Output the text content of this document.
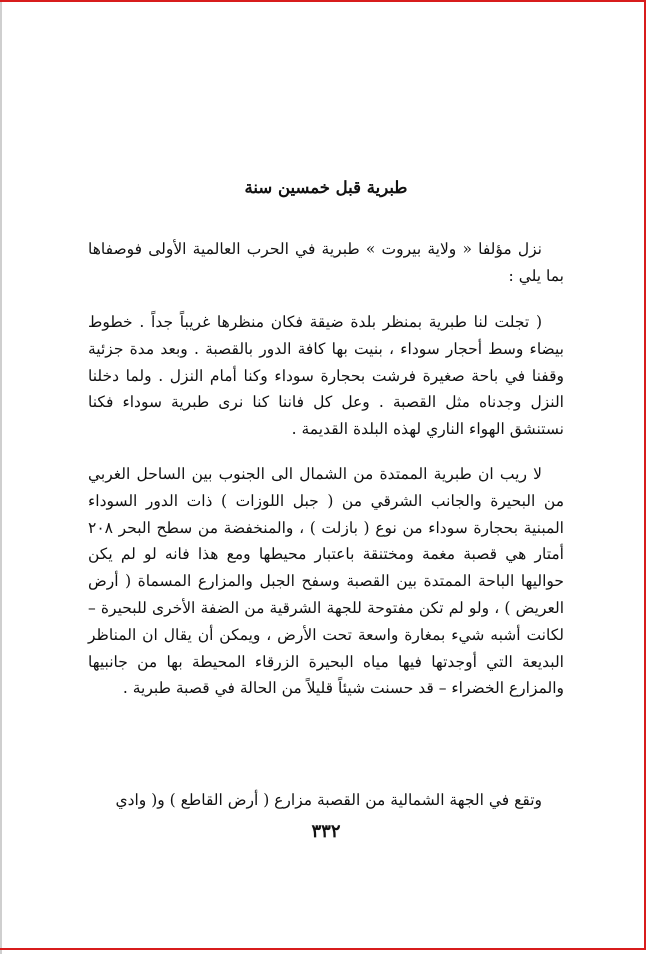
طبرية قبل خمسين سنة

نزل مؤلفا « ولاية بيروت » طبرية في الحرب العالمية الأولى فوصفاها بما يلي :

( تجلت لنا طبرية بمنظر بلدة ضيقة فكان منظرها غريباً جداً . خطوط بيضاء وسط أحجار سوداء ، بنيت بها كافة الدور بالقصبة . وبعد مدة جزئية وقفنا في باحة صغيرة فرشت بحجارة سوداء وكنا أمام النزل . ولما دخلنا النزل وجدناه مثل القصبة . وعل كل فاننا كنا نرى طبرية سوداء فكنا نستنشق الهواء الناري لهذه البلدة القديمة .

لا ريب ان طبرية الممتدة من الشمال الى الجنوب بين الساحل الغربي من البحيرة والجانب الشرقي من ( جبل اللوزات ) ذات الدور السوداء المبنية بحجارة سوداء من نوع ( بازلت ) ، والمنخفضة من سطح البحر ٢٠٨ أمتار هي قصبة مغمة ومختنقة باعتبار محيطها ومع هذا فانه لو لم يكن حواليها الباحة الممتدة بين القصبة وسفح الجبل والمزارع المسماة ( أرض العريض ) ، ولو لم تكن مفتوحة للجهة الشرقية من الضفة الأخرى للبحيرة – لكانت أشبه شيء بمغارة واسعة تحت الأرض ، ويمكن أن يقال ان المناظر البديعة التي أوجدتها فيها مياه البحيرة الزرقاء المحيطة بها من جانبيها والمزارع الخضراء – قد حسنت شيئاً قليلاً من الحالة في قصبة طبرية .

وتقع في الجهة الشمالية من القصبة مزارع ( أرض القاطع ) و( وادي

٣٣٢
